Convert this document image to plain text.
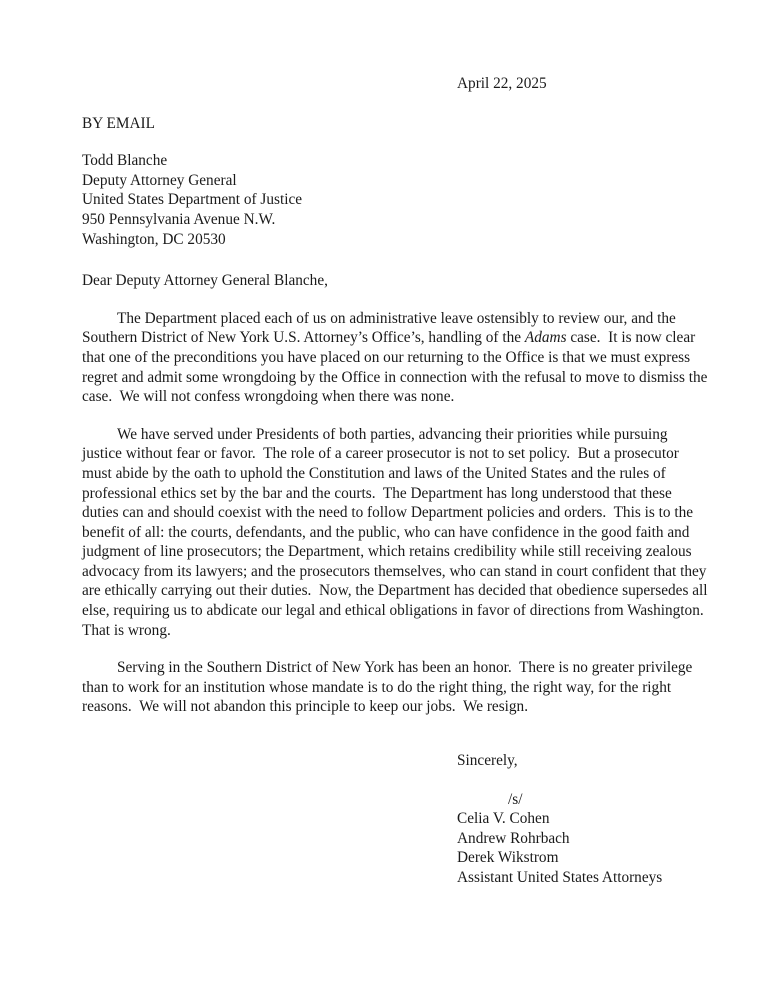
April 22, 2025
BY EMAIL
Todd Blanche
Deputy Attorney General
United States Department of Justice
950 Pennsylvania Avenue N.W.
Washington, DC 20530
Dear Deputy Attorney General Blanche,

The Department placed each of us on administrative leave ostensibly to review our, and the Southern District of New York U.S. Attorney’s Office’s, handling of the Adams case.  It is now clear that one of the preconditions you have placed on our returning to the Office is that we must express regret and admit some wrongdoing by the Office in connection with the refusal to move to dismiss the case.  We will not confess wrongdoing when there was none.

We have served under Presidents of both parties, advancing their priorities while pursuing justice without fear or favor.  The role of a career prosecutor is not to set policy.  But a prosecutor must abide by the oath to uphold the Constitution and laws of the United States and the rules of professional ethics set by the bar and the courts.  The Department has long understood that these duties can and should coexist with the need to follow Department policies and orders.  This is to the benefit of all: the courts, defendants, and the public, who can have confidence in the good faith and judgment of line prosecutors; the Department, which retains credibility while still receiving zealous advocacy from its lawyers; and the prosecutors themselves, who can stand in court confident that they are ethically carrying out their duties.  Now, the Department has decided that obedience supersedes all else, requiring us to abdicate our legal and ethical obligations in favor of directions from Washington.  That is wrong.

Serving in the Southern District of New York has been an honor.  There is no greater privilege than to work for an institution whose mandate is to do the right thing, the right way, for the right reasons.  We will not abandon this principle to keep our jobs.  We resign.

Sincerely,
/s/
Celia V. Cohen
Andrew Rohrbach
Derek Wikstrom
Assistant United States Attorneys
